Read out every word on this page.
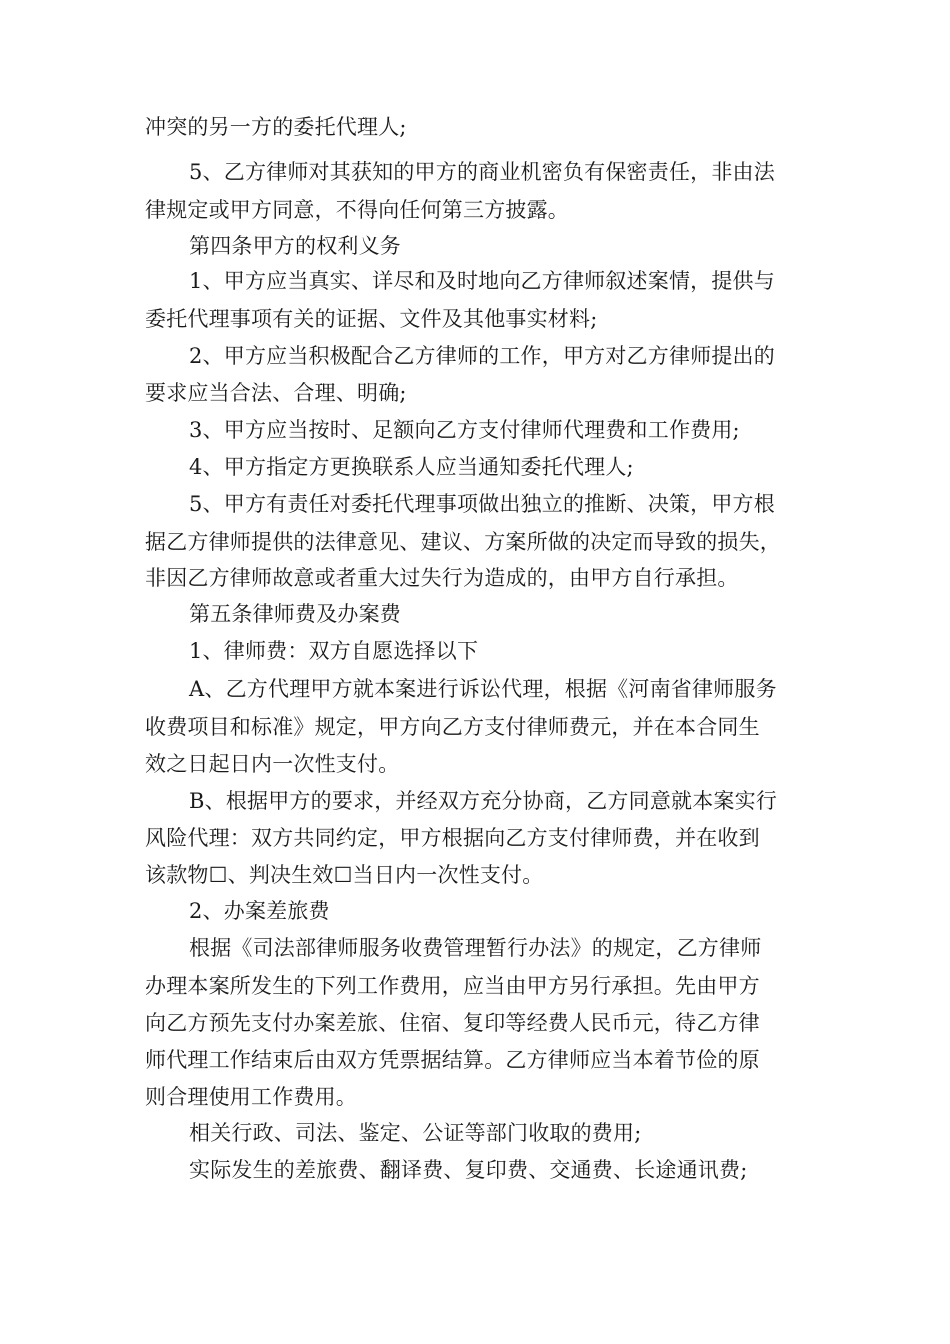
冲突的另一方的委托代理人;
5、乙方律师对其获知的甲方的商业机密负有保密责任，非由法
律规定或甲方同意，不得向任何第三方披露。
第四条甲方的权利义务
1、甲方应当真实、详尽和及时地向乙方律师叙述案情，提供与
委托代理事项有关的证据、文件及其他事实材料;
2、甲方应当积极配合乙方律师的工作，甲方对乙方律师提出的
要求应当合法、合理、明确;
3、甲方应当按时、足额向乙方支付律师代理费和工作费用;
4、甲方指定方更换联系人应当通知委托代理人;
5、甲方有责任对委托代理事项做出独立的推断、决策，甲方根
据乙方律师提供的法律意见、建议、方案所做的决定而导致的损失，
非因乙方律师故意或者重大过失行为造成的，由甲方自行承担。
第五条律师费及办案费
1、律师费：双方自愿选择以下
A、乙方代理甲方就本案进行诉讼代理，根据《河南省律师服务
收费项目和标准》规定，甲方向乙方支付律师费元，并在本合同生
效之日起日内一次性支付。
B、根据甲方的要求，并经双方充分协商，乙方同意就本案实行
风险代理：双方共同约定，甲方根据向乙方支付律师费，并在收到
该款物☐、判决生效☐当日内一次性支付。
2、办案差旅费
根据《司法部律师服务收费管理暂行办法》的规定，乙方律师
办理本案所发生的下列工作费用，应当由甲方另行承担。先由甲方
向乙方预先支付办案差旅、住宿、复印等经费人民币元，待乙方律
师代理工作结束后由双方凭票据结算。乙方律师应当本着节俭的原
则合理使用工作费用。
相关行政、司法、鉴定、公证等部门收取的费用;
实际发生的差旅费、翻译费、复印费、交通费、长途通讯费;
